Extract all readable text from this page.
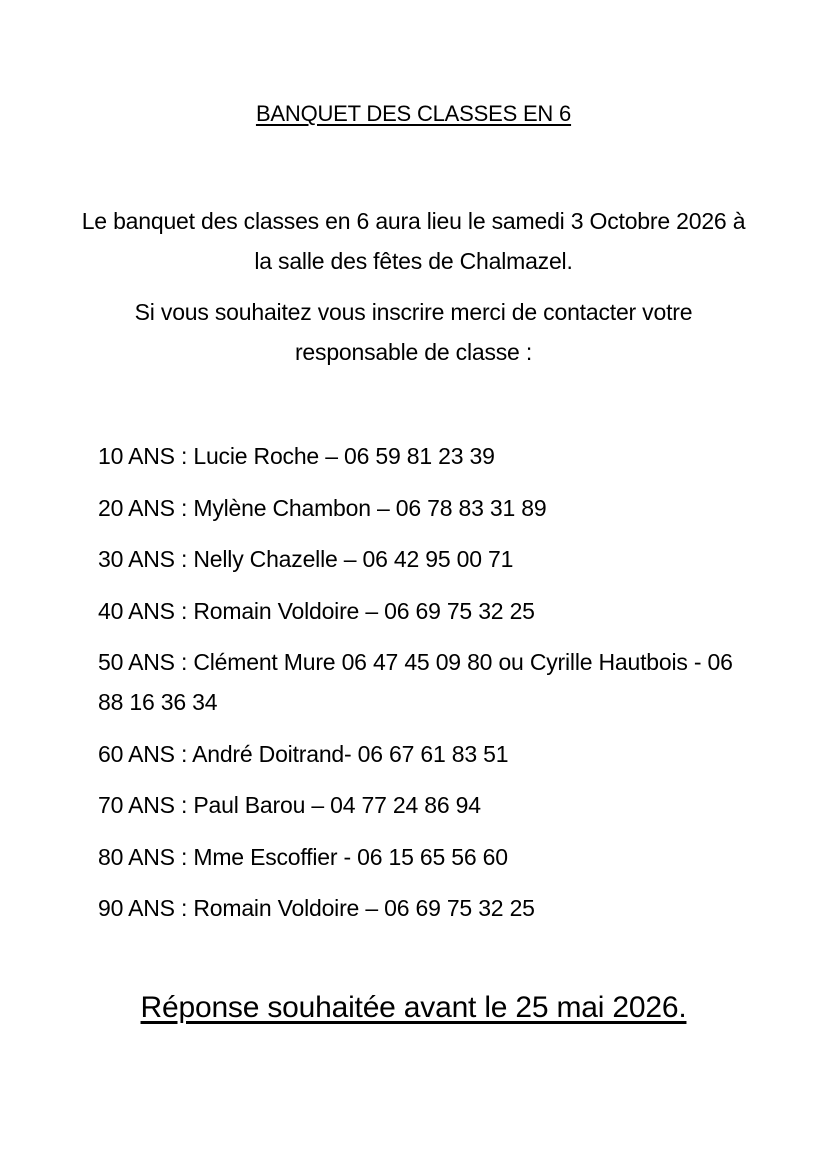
BANQUET DES CLASSES EN 6
Le banquet des classes en 6 aura lieu le samedi 3 Octobre 2026 à la salle des fêtes de Chalmazel.
Si vous souhaitez vous inscrire merci de contacter votre responsable de classe :
10 ANS : Lucie Roche – 06 59 81 23 39
20 ANS : Mylène Chambon – 06 78 83 31 89
30 ANS : Nelly Chazelle – 06 42 95 00 71
40 ANS : Romain Voldoire – 06 69 75 32 25
50 ANS : Clément Mure 06 47 45 09 80 ou Cyrille Hautbois - 06 88 16 36 34
60 ANS : André Doitrand- 06 67 61 83 51
70 ANS : Paul Barou – 04 77 24 86 94
80 ANS : Mme Escoffier - 06 15 65 56 60
90 ANS : Romain Voldoire – 06 69 75 32 25
Réponse souhaitée avant le 25 mai 2026.
